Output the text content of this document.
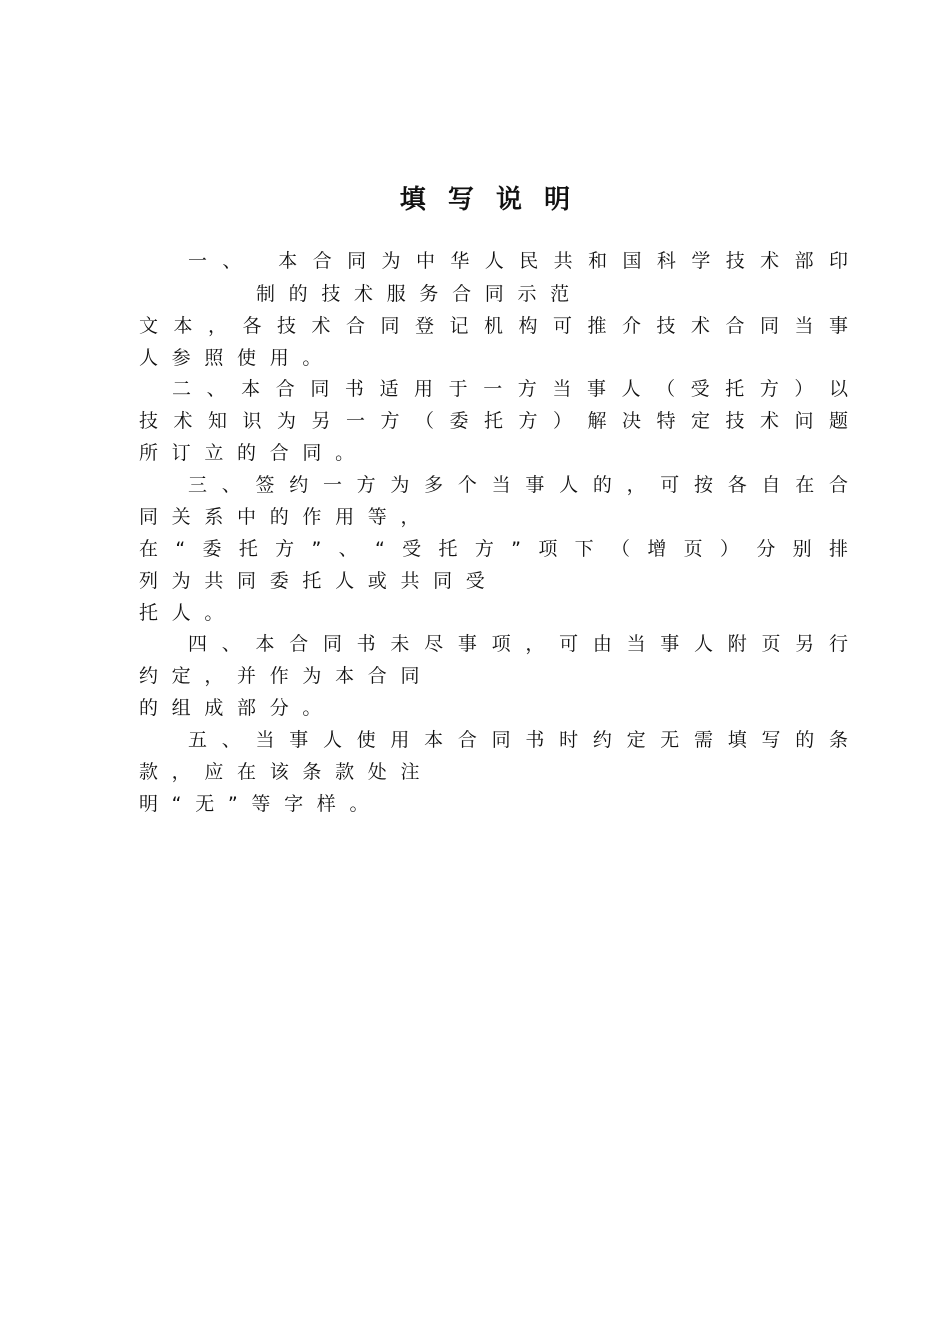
填写说明
一、 本合同为中华人民共和国科学技术部印
制的技术服务合同示范
文本，各技术合同登记机构可推介技术合同当事
人参照使用。
二、本合同书适用于一方当事人（受托方）以
技术知识为另一方（委托方）解决特定技术问题
所订立的合同。
三、签约一方为多个当事人的，可按各自在合
同关系中的作用等，
在“委托方”、“受托方”项下（增页）分别排
列为共同委托人或共同受
托人。
四、本合同书未尽事项，可由当事人附页另行
约定，并作为本合同
的组成部分。
五、当事人使用本合同书时约定无需填写的条
款，应在该条款处注
明“无”等字样。
